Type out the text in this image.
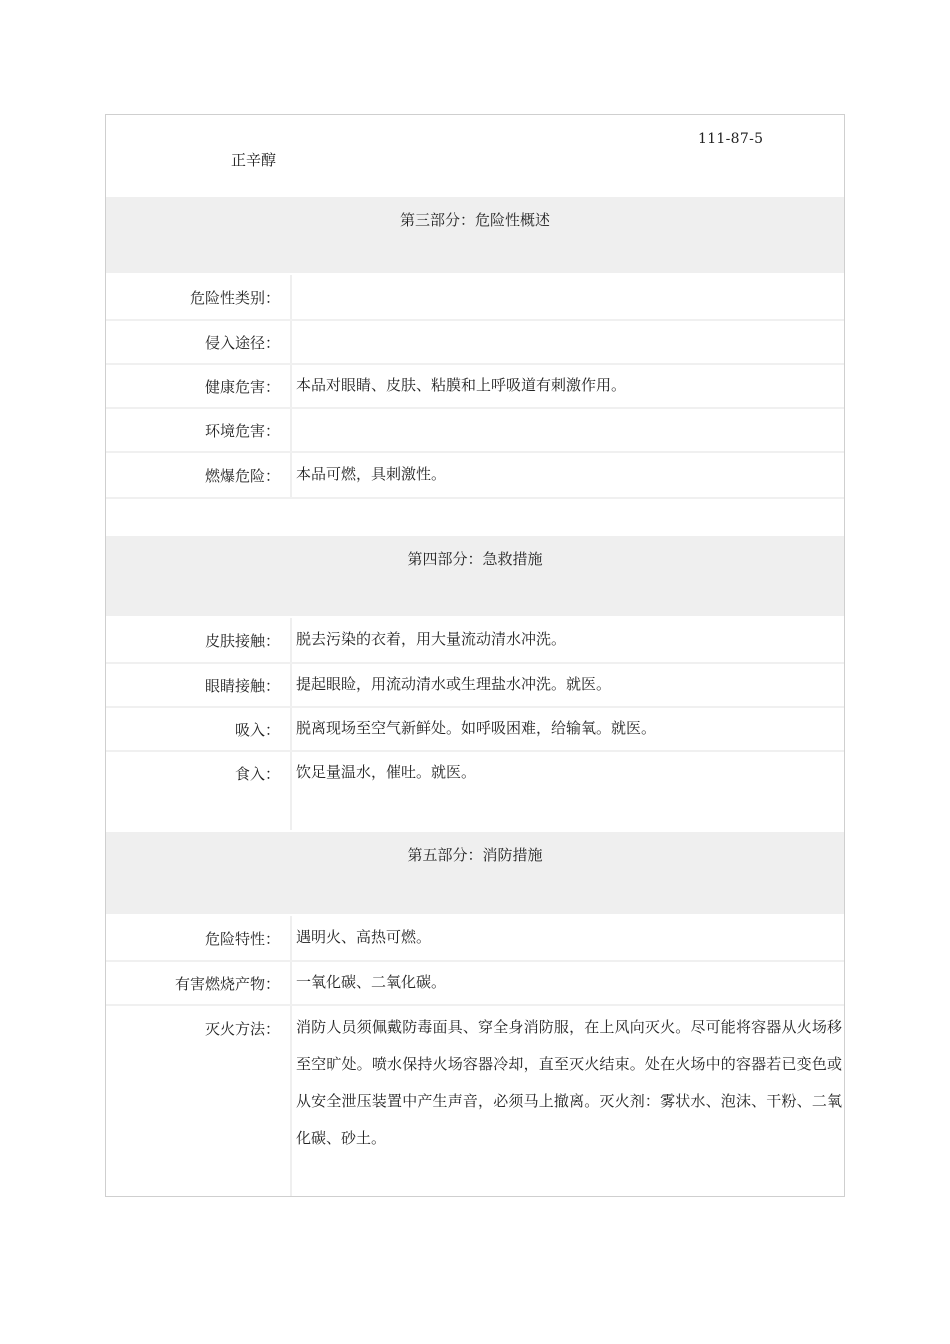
111-87-5
正辛醇
第三部分：危险性概述
危险性类别：
侵入途径：
健康危害： 本品对眼睛、皮肤、粘膜和上呼吸道有刺激作用。
环境危害：
燃爆危险： 本品可燃，具刺激性。
第四部分：急救措施
皮肤接触： 脱去污染的衣着，用大量流动清水冲洗。
眼睛接触： 提起眼睑，用流动清水或生理盐水冲洗。就医。
吸入： 脱离现场至空气新鲜处。如呼吸困难，给输氧。就医。
食入： 饮足量温水，催吐。就医。
第五部分：消防措施
危险特性： 遇明火、高热可燃。
有害燃烧产物： 一氧化碳、二氧化碳。
灭火方法： 消防人员须佩戴防毒面具、穿全身消防服，在上风向灭火。尽可能将容器从火场移至空旷处。喷水保持火场容器冷却，直至灭火结束。处在火场中的容器若已变色或从安全泄压装置中产生声音，必须马上撤离。灭火剂：雾状水、泡沫、干粉、二氧化碳、砂土。
